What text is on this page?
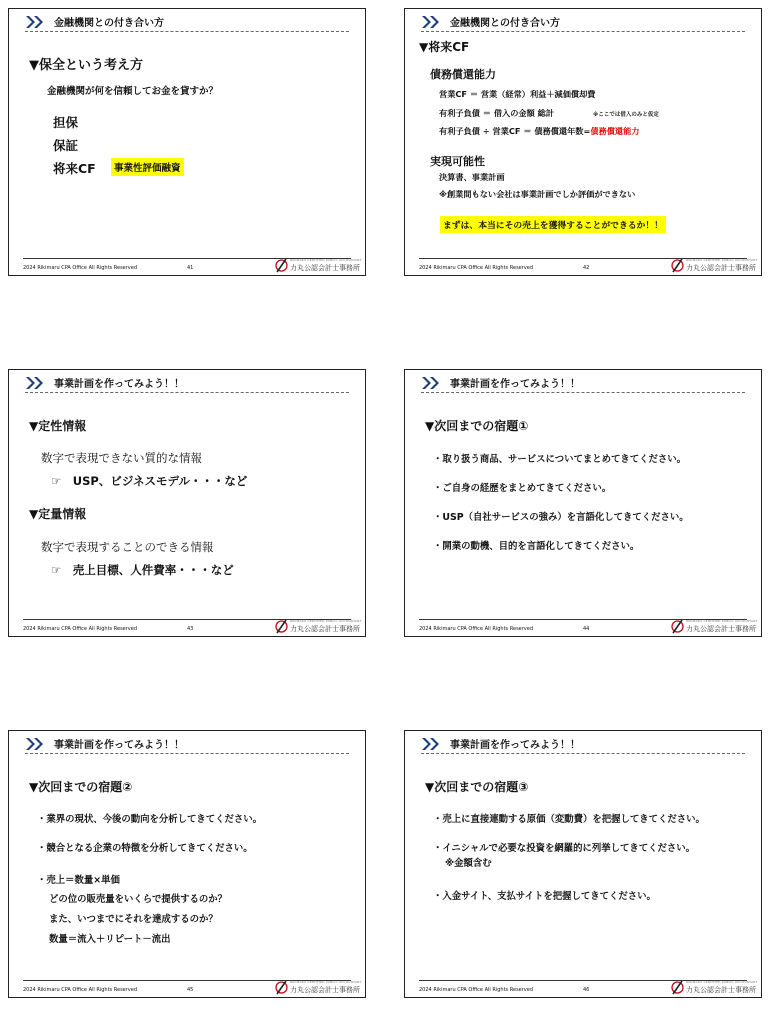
金融機関との付き合い方
▼保全という考え方
金融機関が何を信頼してお金を貸すか？
担保
保証
将来CF	事業性評価融資
2024 Rikimaru CPA Office All Rights Reserved	41
RIKIMARU CERTIFIED PUBLIC ACCOUNTANT
力丸公認会計士事務所
金融機関との付き合い方
▼将来CF
債務償還能力
営業CF ＝ 営業（経常）利益＋減価償却費
有利子負債 ＝ 借入の金額 総計	※ここでは借入のみと仮定
有利子負債 ÷ 営業CF ＝ 債務償還年数=債務償還能力
実現可能性
決算書、事業計画
※創業間もない会社は事業計画でしか評価ができない
まずは、本当にその売上を獲得することができるか！！
2024 Rikimaru CPA Office All Rights Reserved	42
RIKIMARU CERTIFIED PUBLIC ACCOUNTANT
力丸公認会計士事務所
事業計画を作ってみよう！！
▼定性情報
数字で表現できない質的な情報
☞　USP、ビジネスモデル・・・など
▼定量情報
数字で表現することのできる情報
☞　売上目標、人件費率・・・など
2024 Rikimaru CPA Office All Rights Reserved	43
RIKIMARU CERTIFIED PUBLIC ACCOUNTANT
力丸公認会計士事務所
事業計画を作ってみよう！！
▼次回までの宿題①
・取り扱う商品、サービスについてまとめてきてください。
・ご自身の経歴をまとめてきてください。
・USP（自社サービスの強み）を言語化してきてください。
・開業の動機、目的を言語化してきてください。
2024 Rikimaru CPA Office All Rights Reserved	44
RIKIMARU CERTIFIED PUBLIC ACCOUNTANT
力丸公認会計士事務所
事業計画を作ってみよう！！
▼次回までの宿題②
・業界の現状、今後の動向を分析してきてください。
・競合となる企業の特徴を分析してきてください。
・売上＝数量×単価
どの位の販売量をいくらで提供するのか？
また、いつまでにそれを達成するのか？
数量＝流入＋リピート－流出
2024 Rikimaru CPA Office All Rights Reserved	45
RIKIMARU CERTIFIED PUBLIC ACCOUNTANT
力丸公認会計士事務所
事業計画を作ってみよう！！
▼次回までの宿題③
・売上に直接連動する原価（変動費）を把握してきてください。
・イニシャルで必要な投資を網羅的に列挙してきてください。
※金額含む
・入金サイト、支払サイトを把握してきてください。
2024 Rikimaru CPA Office All Rights Reserved	46
RIKIMARU CERTIFIED PUBLIC ACCOUNTANT
力丸公認会計士事務所
